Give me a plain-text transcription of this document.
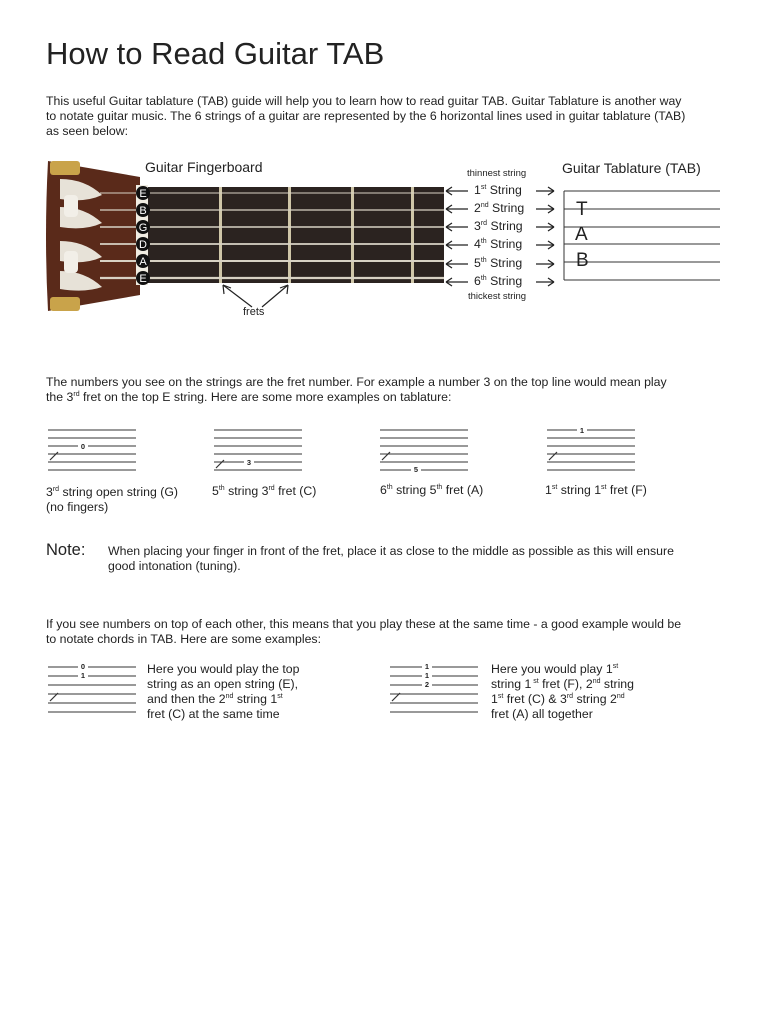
How to Read Guitar TAB
This useful Guitar tablature (TAB) guide will help you to learn how to read guitar TAB. Guitar Tablature is another way
to notate guitar music. The 6 strings of a guitar are represented by the 6 horizontal lines used in guitar tablature (TAB)
as seen below:
E
B
G
D
A
E
Guitar Fingerboard
frets
thinnest string
thickest string
1st String
2nd String
3rd String
4th String
5th String
6th String
Guitar Tablature (TAB)
T
A
B
The numbers you see on the strings are the fret number. For example a number 3 on the top line would mean play
the 3rd fret on the top E string. Here are some more examples on tablature:
0
3
5
1
3rd string open string (G)
(no fingers)
5th string 3rd fret (C)	6th string 5th fret (A)	1st string 1st fret (F)
Note: When placing your finger in front of the fret, place it as close to the middle as possible as this will ensure
good intonation (tuning).
If you see numbers on top of each other, this means that you play these at the same time - a good example would be
to notate chords in TAB. Here are some examples:
0
1	Here you would play the top
string as an open string (E),
and then the 2nd string 1st
fret (C) at the same time
1
1
2
Here you would play 1st
string 1 $^{st}$ fret (F), 2nd string
1st fret (C) & 3rd string 2nd
fret (A) all together
